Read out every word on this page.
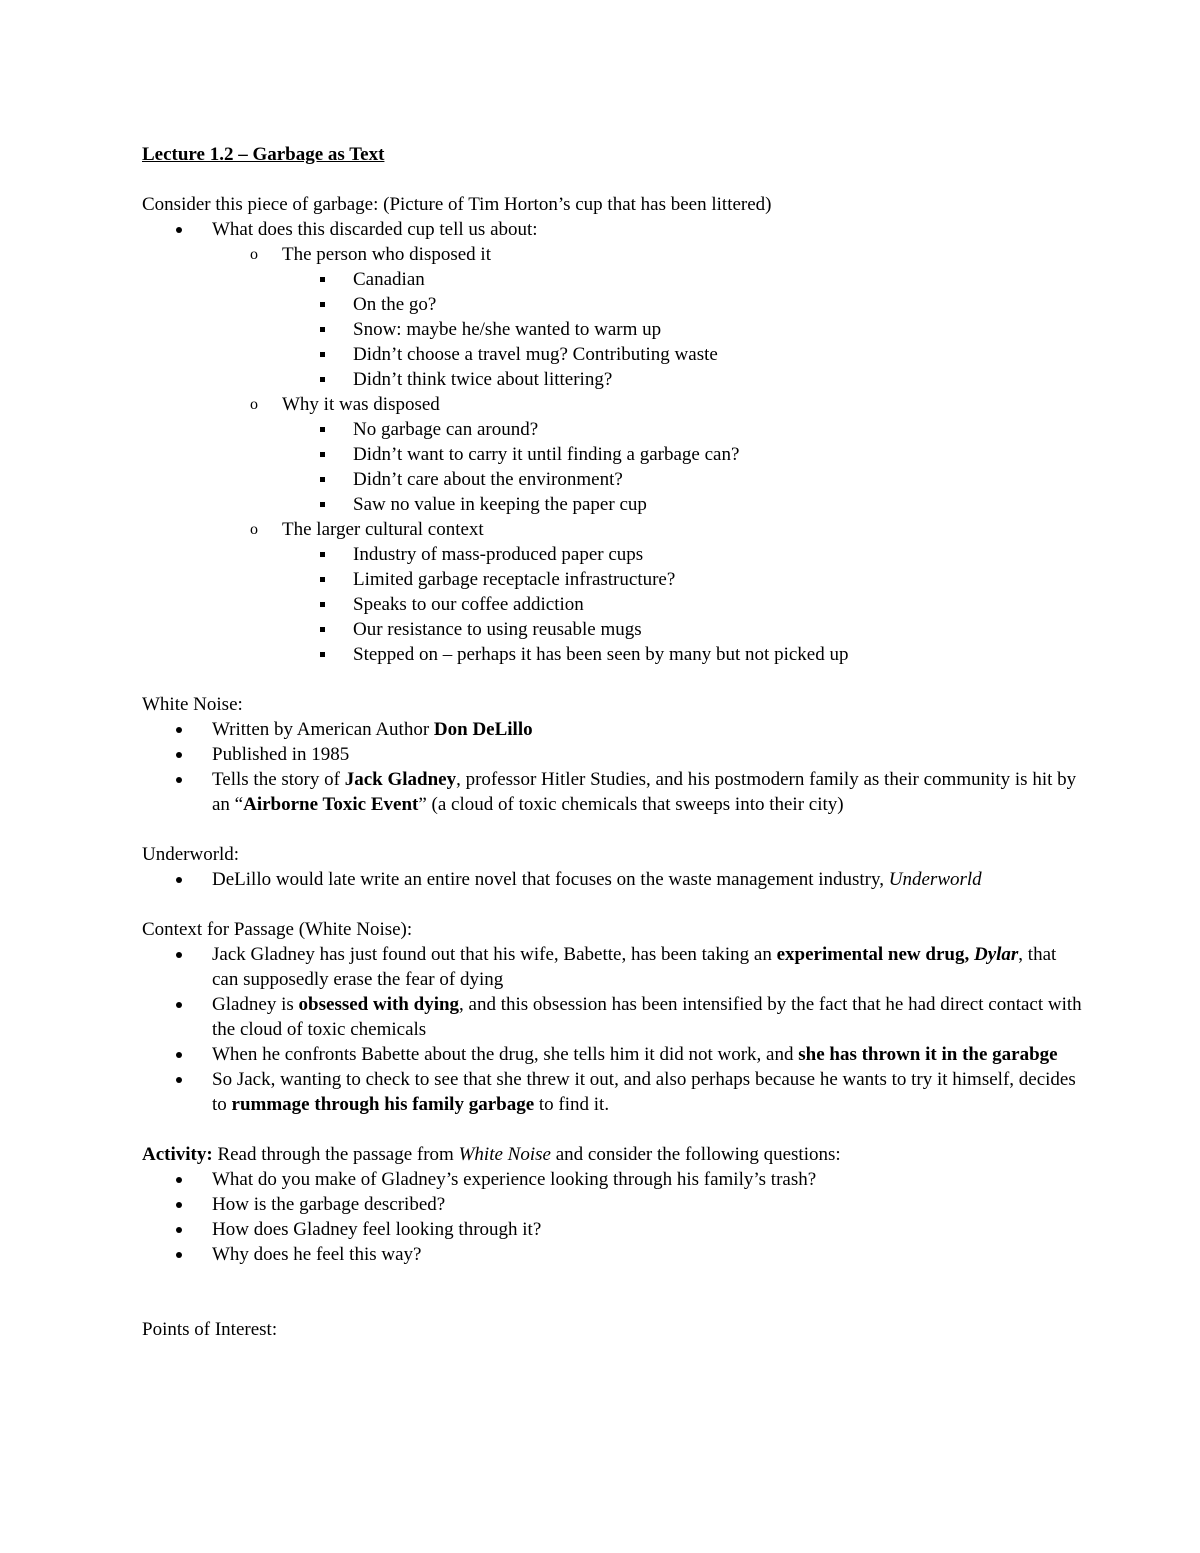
Lecture 1.2 – Garbage as Text

Consider this piece of garbage: (Picture of Tim Horton’s cup that has been littered)

What does this discarded cup tell us about:
o The person who disposed it
Canadian
On the go?
Snow: maybe he/she wanted to warm up
Didn’t choose a travel mug? Contributing waste
Didn’t think twice about littering?
o Why it was disposed
No garbage can around?
Didn’t want to carry it until finding a garbage can?
Didn’t care about the environment?
Saw no value in keeping the paper cup
o The larger cultural context
Industry of mass-produced paper cups
Limited garbage receptacle infrastructure?
Speaks to our coffee addiction
Our resistance to using reusable mugs
Stepped on – perhaps it has been seen by many but not picked up

White Noise:

Written by American Author Don DeLillo
Published in 1985
Tells the story of Jack Gladney, professor Hitler Studies, and his postmodern family as their community is hit by an “Airborne Toxic Event” (a cloud of toxic chemicals that sweeps into their city)

Underworld:

DeLillo would late write an entire novel that focuses on the waste management industry, Underworld

Context for Passage (White Noise):

Jack Gladney has just found out that his wife, Babette, has been taking an experimental new drug, Dylar, that can supposedly erase the fear of dying
Gladney is obsessed with dying, and this obsession has been intensified by the fact that he had direct contact with the cloud of toxic chemicals
When he confronts Babette about the drug, she tells him it did not work, and she has thrown it in the garabge
So Jack, wanting to check to see that she threw it out, and also perhaps because he wants to try it himself, decides to rummage through his family garbage to find it.

Activity: Read through the passage from White Noise and consider the following questions:

What do you make of Gladney’s experience looking through his family’s trash?
How is the garbage described?
How does Gladney feel looking through it?
Why does he feel this way?

Points of Interest:
